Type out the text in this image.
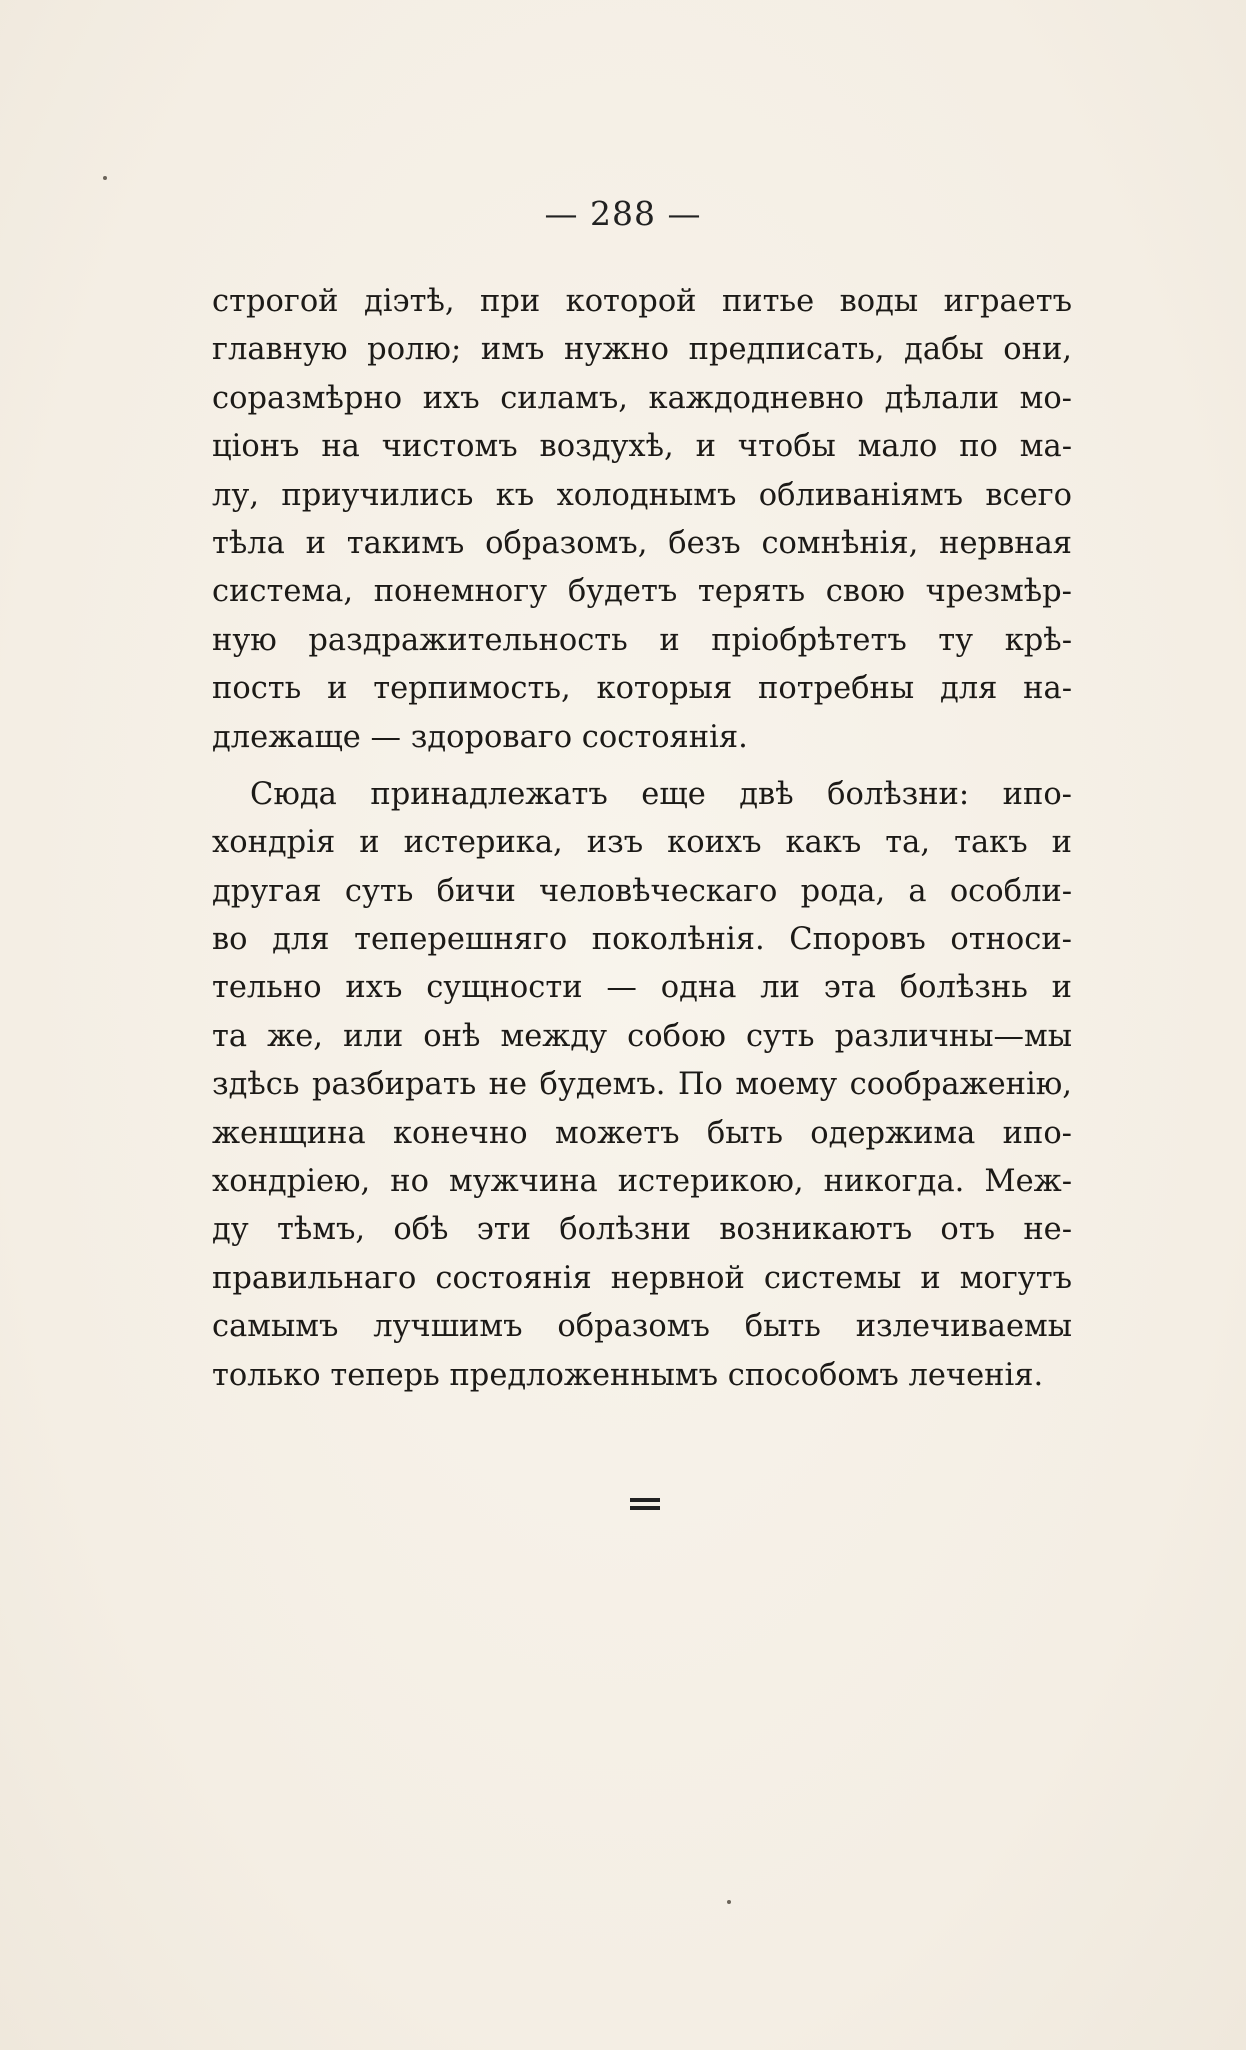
— 288 —
строгой діэтѣ, при которой питье воды играетъ
главную ролю; имъ нужно предписать, дабы они,
соразмѣрно ихъ силамъ, каждодневно дѣлали мо-
ціонъ на чистомъ воздухѣ, и чтобы мало по ма-
лу, приучились къ холоднымъ обливаніямъ всего
тѣла и такимъ образомъ, безъ сомнѣнія, нервная
система, понемногу будетъ терять свою чрезмѣр-
ную раздражительность и пріобрѣтетъ ту крѣ-
пость и терпимость, которыя потребны для на-
длежаще — здороваго состоянія.
Сюда принадлежатъ еще двѣ болѣзни: ипо-
хондрія и истерика, изъ коихъ какъ та, такъ и
другая суть бичи человѣческаго рода, а особли-
во для теперешняго поколѣнія. Споровъ относи-
тельно ихъ сущности — одна ли эта болѣзнь и
та же, или онѣ между собою суть различны—мы
здѣсь разбирать не будемъ. По моему соображенію,
женщина конечно можетъ быть одержима ипо-
хондріею, но мужчина истерикою, никогда. Меж-
ду тѣмъ, обѣ эти болѣзни возникаютъ отъ не-
правильнаго состоянія нервной системы и могутъ
самымъ лучшимъ образомъ быть излечиваемы
только теперь предложеннымъ способомъ леченія.
